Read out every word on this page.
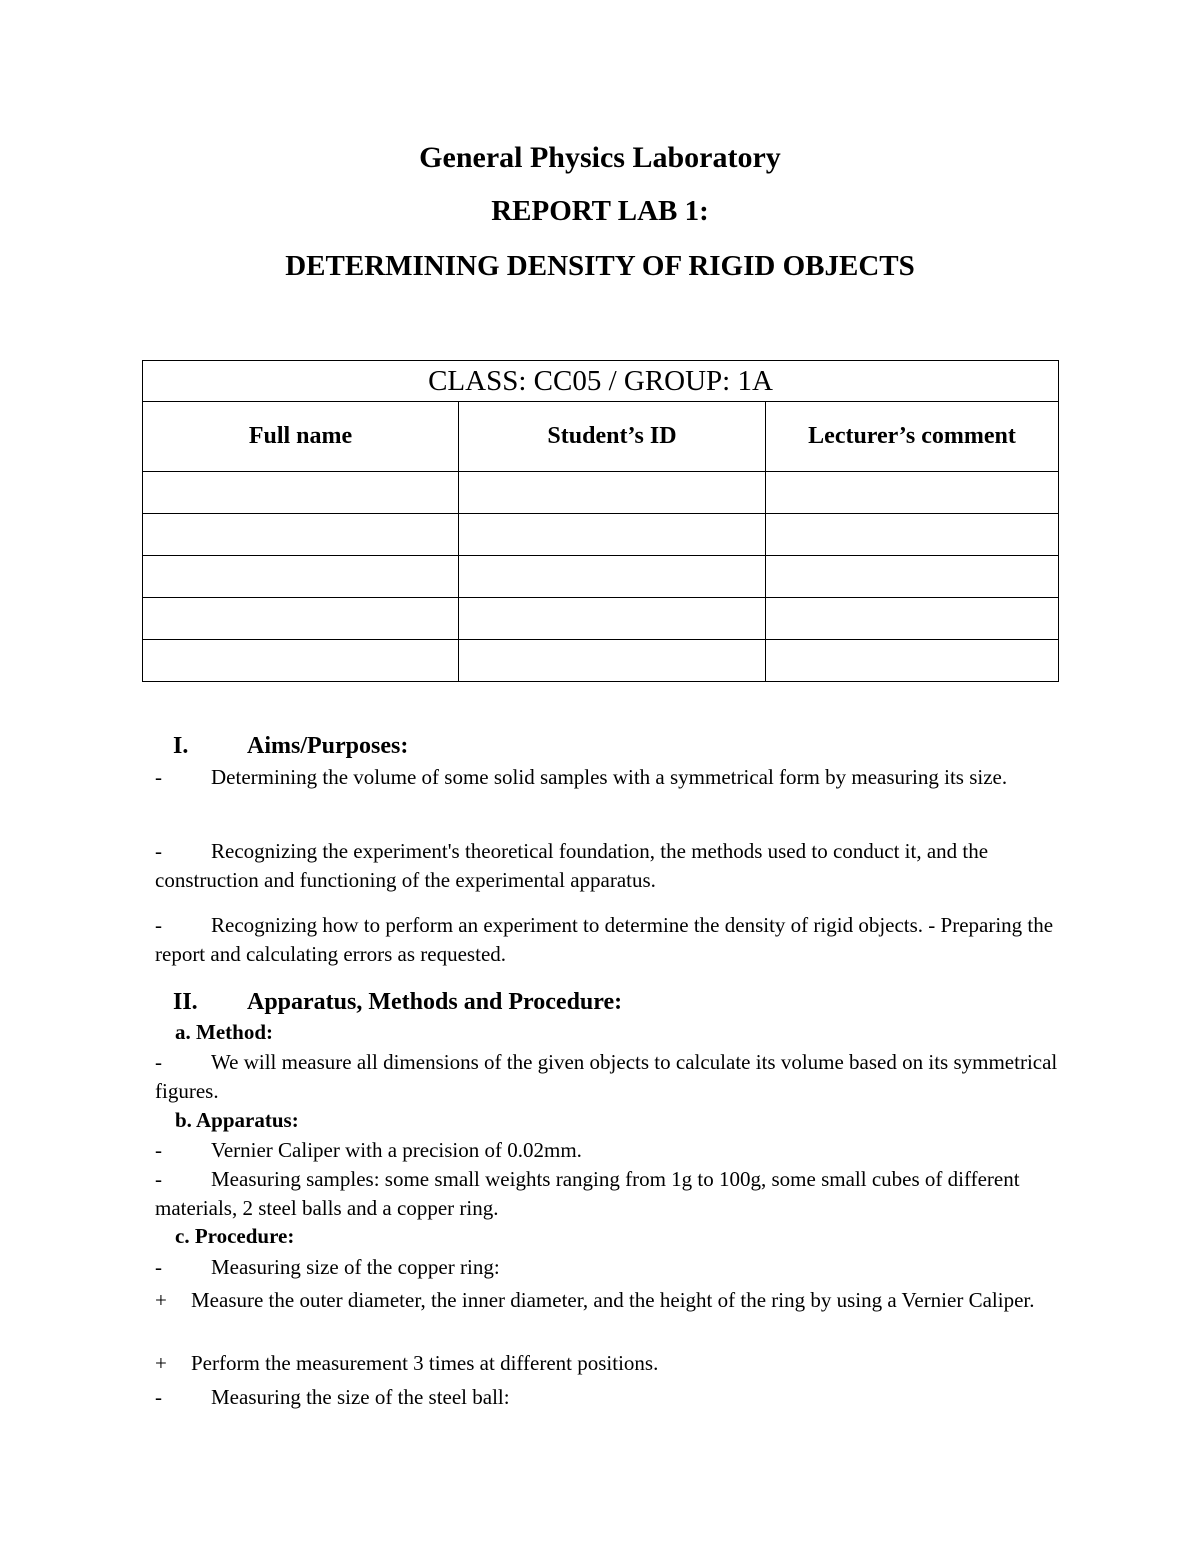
General Physics Laboratory
REPORT LAB 1:
DETERMINING DENSITY OF RIGID OBJECTS
CLASS: CC05 / GROUP: 1A		
Full name	Student’s ID	Lecturer’s comment

I. Aims/Purposes:
- Determining the volume of some solid samples with a symmetrical form by measuring its size.
- Recognizing the experiment's theoretical foundation, the methods used to conduct it, and the construction and functioning of the experimental apparatus.
- Recognizing how to perform an experiment to determine the density of rigid objects. - Preparing the report and calculating errors as requested.
II. Apparatus, Methods and Procedure:
a. Method:
- We will measure all dimensions of the given objects to calculate its volume based on its symmetrical figures.
b. Apparatus:
- Vernier Caliper with a precision of 0.02mm.
- Measuring samples: some small weights ranging from 1g to 100g, some small cubes of different materials, 2 steel balls and a copper ring.
c. Procedure:
- Measuring size of the copper ring:
+ Measure the outer diameter, the inner diameter, and the height of the ring by using a Vernier Caliper.
+ Perform the measurement 3 times at different positions.
- Measuring the size of the steel ball:
